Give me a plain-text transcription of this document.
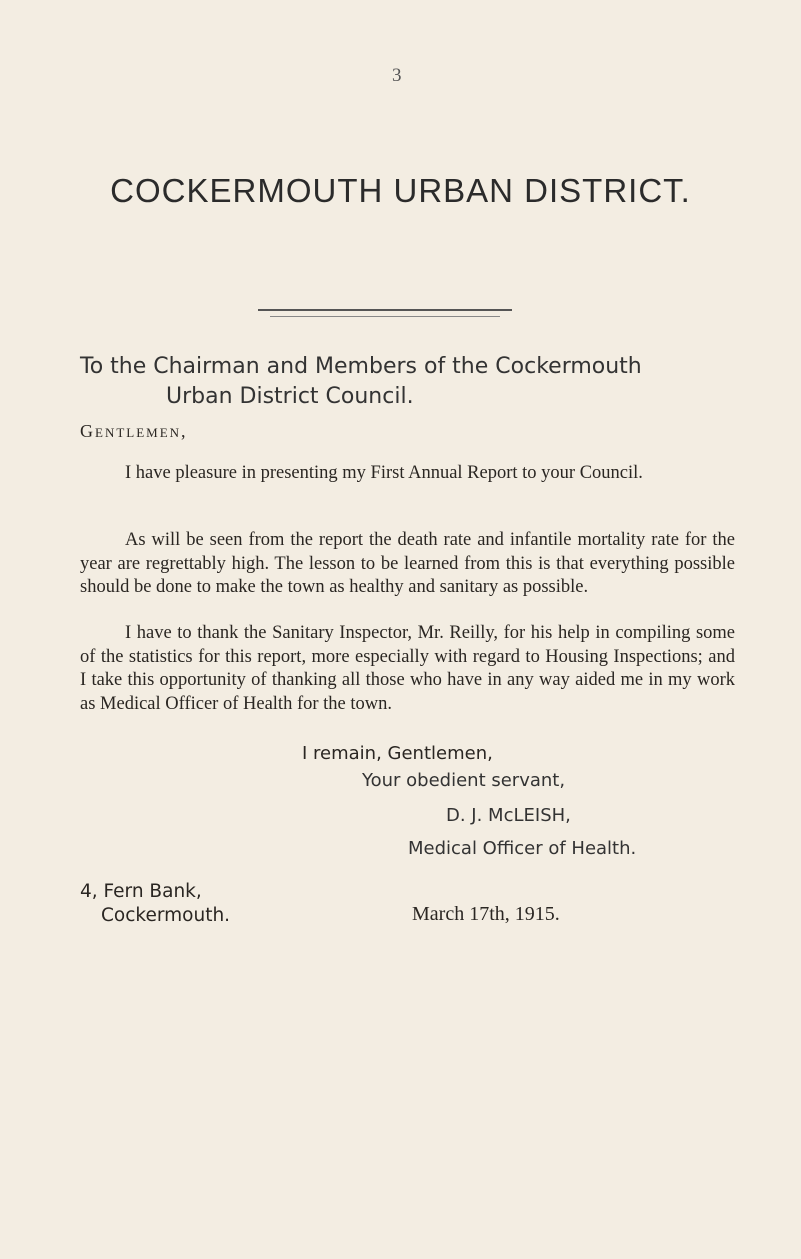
3
COCKERMOUTH URBAN DISTRICT.
To the Chairman and Members of the Cockermouth
Urban District Council.
Gentlemen,
I have pleasure in presenting my First Annual Report to your Council.
As will be seen from the report the death rate and infantile mortality rate for the year are regrettably high. The lesson to be learned from this is that everything possible should be done to make the town as healthy and sanitary as possible.
I have to thank the Sanitary Inspector, Mr. Reilly, for his help in compiling some of the statistics for this report, more especially with regard to Housing Inspections; and I take this opportunity of thanking all those who have in any way aided me in my work as Medical Officer of Health for the town.
I remain, Gentlemen,
Your obedient servant,
D. J. McLEISH,
Medical Officer of Health.
4, Fern Bank,
Cockermouth.	March 17th, 1915.
